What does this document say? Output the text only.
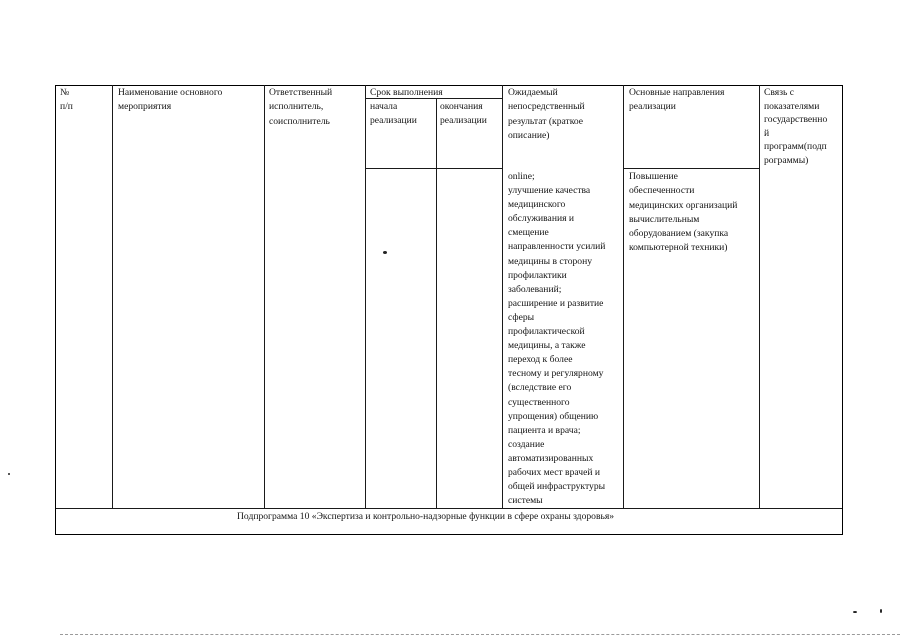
№
п/п
Наименование основного
мероприятия
Ответственный
исполнитель,
соисполнитель
Срок выполнения
начала
реализации
окончания
реализации
Ожидаемый
непосредственный
результат (краткое
описание)
Основные направления
реализации
Связь с
показателями
государственно
й
программ(подп
рограммы)
online;
улучшение качества
медицинского
обслуживания и
смещение
направленности усилий
медицины в сторону
профилактики
заболеваний;
расширение и развитие
сферы
профилактической
медицины, а также
переход к более
тесному и регулярному
(вследствие его
существенного
упрощения) общению
пациента и врача;
создание
автоматизированных
рабочих мест врачей и
общей инфраструктуры
системы
Повышение
обеспеченности
медицинских организаций
вычислительным
оборудованием (закупка
компьютерной техники)
Подпрограмма 10 «Экспертиза и контрольно-надзорные функции в сфере охраны здоровья»
